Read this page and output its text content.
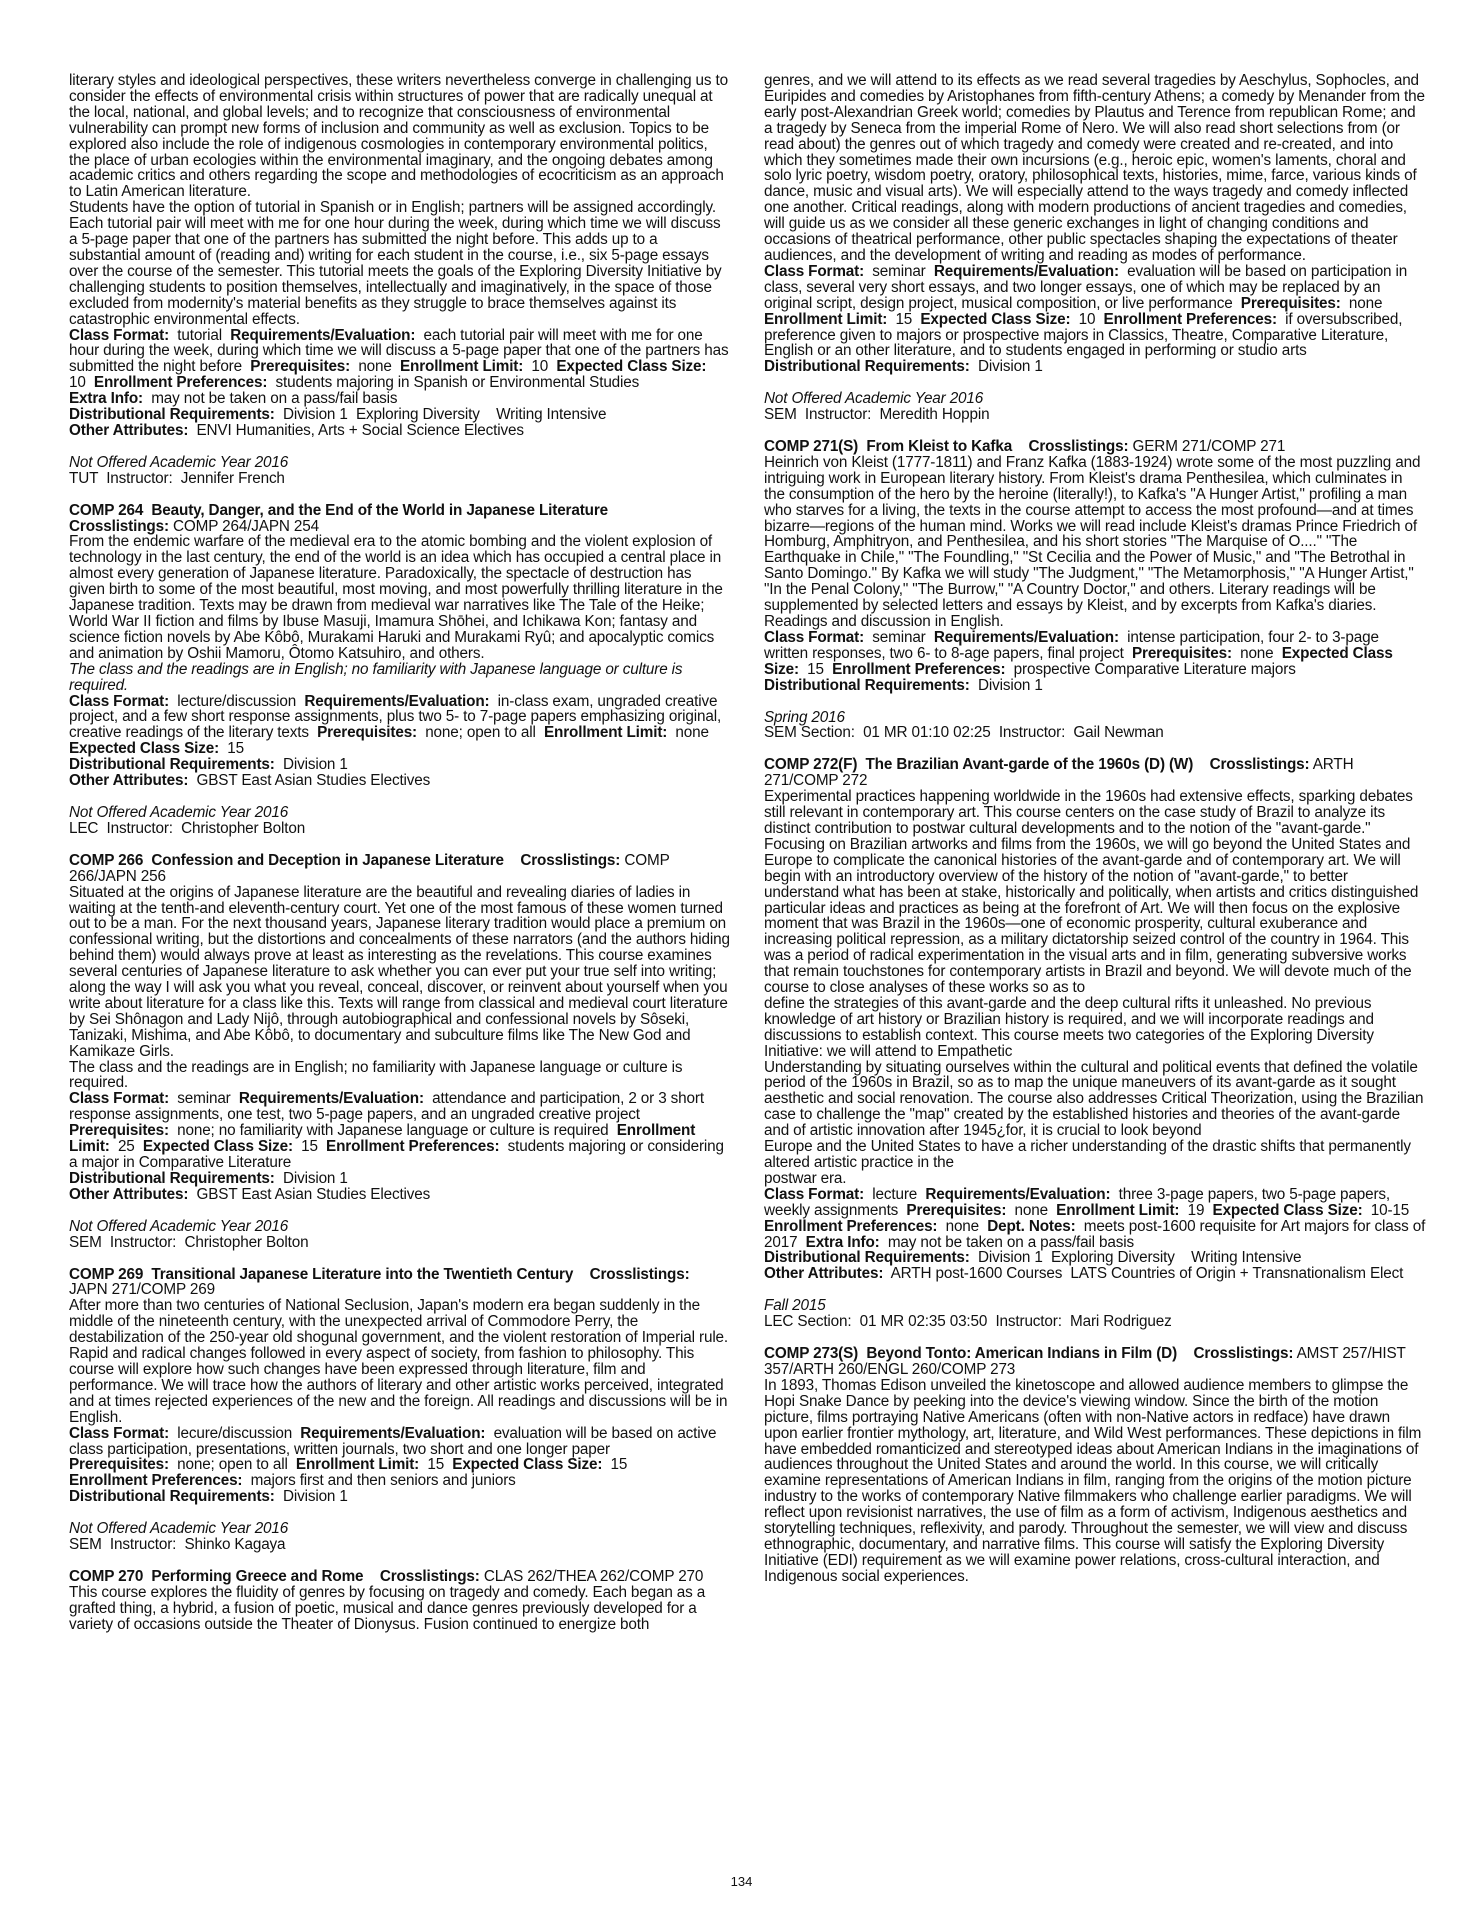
literary styles and ideological perspectives, these writers nevertheless converge in challenging us to consider the effects of environmental crisis within structures of power that are radically unequal at the local, national, and global levels; and to recognize that consciousness of environmental vulnerability can prompt new forms of inclusion and community as well as exclusion. Topics to be explored also include the role of indigenous cosmologies in contemporary environmental politics, the place of urban ecologies within the environmental imaginary, and the ongoing debates among academic critics and others regarding the scope and methodologies of ecocriticism as an approach to Latin American literature.
Students have the option of tutorial in Spanish or in English; partners will be assigned accordingly.  Each tutorial pair will meet with me for one hour during the week, during which time we will discuss a 5-page paper that one of the partners has submitted the night before. This adds up to a substantial amount of (reading and) writing for each student in the course, i.e., six 5-page essays over the course of the semester. This tutorial meets the goals of the Exploring Diversity Initiative by challenging students to position themselves, intellectually and imaginatively, in the space of those excluded from modernity's material benefits as they struggle to brace themselves against its catastrophic environmental effects.
Class Format: tutorial Requirements/Evaluation: each tutorial pair will meet with me for one hour during the week, during which time we will discuss a 5-page paper that one of the partners has submitted the night before Prerequisites: none Enrollment Limit: 10 Expected Class Size:  10 Enrollment Preferences: students majoring in Spanish or Environmental Studies
Extra Info: may not be taken on a pass/fail basis
Distributional Requirements: Division 1  Exploring Diversity    Writing Intensive
Other Attributes: ENVI Humanities, Arts + Social Science Electives
Not Offered Academic Year 2016
TUT  Instructor:  Jennifer French
COMP 264  Beauty, Danger, and the End of the World in Japanese Literature
Crosslistings: COMP 264/JAPN 254
From the endemic warfare of the medieval era to the atomic bombing and the violent explosion of technology in the last century, the end of the world is an idea which has occupied a central place in almost every generation of Japanese literature. Paradoxically, the spectacle of destruction has given birth to some of the most beautiful, most moving, and most powerfully thrilling literature in the Japanese tradition. Texts may be drawn from medieval war narratives like The Tale of the Heike; World War II fiction and films by Ibuse Masuji, Imamura Shōhei, and Ichikawa Kon; fantasy and science fiction novels by Abe Kôbô, Murakami Haruki and Murakami Ryû; and apocalyptic comics and animation by Oshii Mamoru, Ôtomo Katsuhiro, and others.
The class and the readings are in English; no familiarity with Japanese language or culture is required.
Class Format: lecture/discussion Requirements/Evaluation: in-class exam, ungraded creative project, and a few short response assignments, plus two 5- to 7-page papers emphasizing original, creative readings of the literary texts Prerequisites: none; open to all Enrollment Limit: none  Expected Class Size: 15
Distributional Requirements: Division 1
Other Attributes: GBST East Asian Studies Electives
Not Offered Academic Year 2016
LEC  Instructor:  Christopher Bolton
COMP 266  Confession and Deception in Japanese Literature Crosslistings: COMP 266/JAPN 256
Situated at the origins of Japanese literature are the beautiful and revealing diaries of ladies in waiting at the tenth-and eleventh-century court. Yet one of the most famous of these women turned out to be a man. For the next thousand years, Japanese literary tradition would place a premium on confessional writing, but the distortions and concealments of these narrators (and the authors hiding behind them) would always prove at least as interesting as the revelations. This course examines several centuries of Japanese literature to ask whether you can ever put your true self into writing; along the way I will ask you what you reveal, conceal, discover, or reinvent about yourself when you write about literature for a class like this. Texts will range from classical and medieval court literature by Sei Shônagon and Lady Nijô, through autobiographical and confessional novels by Sôseki, Tanizaki, Mishima, and Abe Kôbô, to documentary and subculture films like The New God and Kamikaze Girls.
The class and the readings are in English; no familiarity with Japanese language or culture is required.
Class Format: seminar Requirements/Evaluation: attendance and participation, 2 or 3 short response assignments, one test, two 5-page papers, and an ungraded creative project
Prerequisites: none; no familiarity with Japanese language or culture is required Enrollment Limit: 25 Expected Class Size: 15 Enrollment Preferences: students majoring or considering a major in Comparative Literature
Distributional Requirements: Division 1
Other Attributes: GBST East Asian Studies Electives
Not Offered Academic Year 2016
SEM  Instructor:  Christopher Bolton
COMP 269  Transitional Japanese Literature into the Twentieth Century Crosslistings: JAPN 271/COMP 269
After more than two centuries of National Seclusion, Japan's modern era began suddenly in the middle of the nineteenth century, with the unexpected arrival of Commodore Perry, the destabilization of the 250-year old shogunal government, and the violent restoration of Imperial rule. Rapid and radical changes followed in every aspect of society, from fashion to philosophy. This course will explore how such changes have been expressed through literature, film and performance. We will trace how the authors of literary and other artistic works perceived, integrated and at times rejected experiences of the new and the foreign. All readings and discussions will be in English.
Class Format: lecure/discussion Requirements/Evaluation: evaluation will be based on active class participation, presentations, written journals, two short and one longer paper
Prerequisites: none; open to all Enrollment Limit: 15 Expected Class Size: 15
Enrollment Preferences: majors first and then seniors and juniors
Distributional Requirements: Division 1
Not Offered Academic Year 2016
SEM  Instructor:  Shinko Kagaya
COMP 270  Performing Greece and Rome Crosslistings: CLAS 262/THEA 262/COMP 270
This course explores the fluidity of genres by focusing on tragedy and comedy. Each began as a grafted thing, a hybrid, a fusion of poetic, musical and dance genres previously developed for a variety of occasions outside the Theater of Dionysus. Fusion continued to energize both
genres, and we will attend to its effects as we read several tragedies by Aeschylus, Sophocles, and Euripides and comedies by Aristophanes from fifth-century Athens; a comedy by Menander from the early post-Alexandrian Greek world; comedies by Plautus and Terence from republican Rome; and a tragedy by Seneca from the imperial Rome of Nero. We will also read short selections from (or read about) the genres out of which tragedy and comedy were created and re-created, and into which they sometimes made their own incursions (e.g., heroic epic, women's laments, choral and solo lyric poetry, wisdom poetry, oratory, philosophical texts, histories, mime, farce, various kinds of dance, music and visual arts). We will especially attend to the ways tragedy and comedy inflected one another. Critical readings, along with modern productions of ancient tragedies and comedies, will guide us as we consider all these generic exchanges in light of changing conditions and occasions of theatrical performance, other public spectacles shaping the expectations of theater audiences, and the development of writing and reading as modes of performance.
Class Format: seminar Requirements/Evaluation: evaluation will be based on participation in class, several very short essays, and two longer essays, one of which may be replaced by an original script, design project, musical composition, or live performance Prerequisites: none
Enrollment Limit: 15 Expected Class Size: 10 Enrollment Preferences: if oversubscribed, preference given to majors or prospective majors in Classics, Theatre, Comparative Literature, English or an other literature, and to students engaged in performing or studio arts
Distributional Requirements: Division 1
Not Offered Academic Year 2016
SEM  Instructor:  Meredith Hoppin
COMP 271(S)  From Kleist to Kafka Crosslistings: GERM 271/COMP 271
Heinrich von Kleist (1777-1811) and Franz Kafka (1883-1924) wrote some of the most puzzling and intriguing work in European literary history. From Kleist's drama Penthesilea, which culminates in the consumption of the hero by the heroine (literally!), to Kafka's "A Hunger Artist," profiling a man who starves for a living, the texts in the course attempt to access the most profound—and at times bizarre—regions of the human mind. Works we will read include Kleist's dramas Prince Friedrich of Homburg, Amphitryon, and Penthesilea, and his short stories "The Marquise of O...." "The Earthquake in Chile," "The Foundling," "St Cecilia and the Power of Music," and "The Betrothal in Santo Domingo." By Kafka we will study "The Judgment," "The Metamorphosis," "A Hunger Artist," "In the Penal Colony," "The Burrow," "A Country Doctor," and others. Literary readings will be supplemented by selected letters and essays by Kleist, and by excerpts from Kafka's diaries. Readings and discussion in English.
Class Format: seminar Requirements/Evaluation: intense participation, four 2- to 3-page written responses, two 6- to 8-age papers, final project Prerequisites: none Expected Class Size: 15 Enrollment Preferences: prospective Comparative Literature majors
Distributional Requirements: Division 1
Spring 2016
SEM Section:  01 MR 01:10 02:25  Instructor:  Gail Newman
COMP 272(F)  The Brazilian Avant-garde of the 1960s (D) (W) Crosslistings: ARTH 271/COMP 272
Experimental practices happening worldwide in the 1960s had extensive effects, sparking debates still relevant in contemporary art. This course centers on the case study of Brazil to analyze its distinct contribution to postwar cultural developments and to the notion of the "avant-garde." Focusing on Brazilian artworks and films from the 1960s, we will go beyond the United States and Europe to complicate the canonical histories of the avant-garde and of contemporary art. We will begin with an introductory overview of the history of the notion of "avant-garde," to better understand what has been at stake, historically and politically, when artists and critics distinguished particular ideas and practices as being at the forefront of Art. We will then focus on the explosive moment that was Brazil in the 1960s—one of economic prosperity, cultural exuberance and increasing political repression, as a military dictatorship seized control of the country in 1964. This was a period of radical experimentation in the visual arts and in film, generating subversive works that remain touchstones for contemporary artists in Brazil and beyond. We will devote much of the course to close analyses of these works so as to
define the strategies of this avant-garde and the deep cultural rifts it unleashed. No previous knowledge of art history or Brazilian history is required, and we will incorporate readings and discussions to establish context. This course meets two categories of the Exploring Diversity Initiative: we will attend to Empathetic
Understanding by situating ourselves within the cultural and political events that defined the volatile period of the 1960s in Brazil, so as to map the unique maneuvers of its avant-garde as it sought aesthetic and social renovation. The course also addresses Critical Theorization, using the Brazilian case to challenge the "map" created by the established histories and theories of the avant-garde and of artistic innovation after 1945¿for, it is crucial to look beyond
Europe and the United States to have a richer understanding of the drastic shifts that permanently altered artistic practice in the
postwar era.
Class Format: lecture Requirements/Evaluation: three 3-page papers, two 5-page papers, weekly assignments Prerequisites: none Enrollment Limit: 19 Expected Class Size: 10-15  Enrollment Preferences: none Dept. Notes: meets post-1600 requisite for Art majors for class of 2017 Extra Info: may not be taken on a pass/fail basis
Distributional Requirements: Division 1  Exploring Diversity    Writing Intensive
Other Attributes: ARTH post-1600 Courses  LATS Countries of Origin + Transnationalism Elect
Fall 2015
LEC Section:  01 MR 02:35 03:50  Instructor:  Mari Rodriguez
COMP 273(S)  Beyond Tonto: American Indians in Film (D) Crosslistings: AMST 257/HIST 357/ARTH 260/ENGL 260/COMP 273
In 1893, Thomas Edison unveiled the kinetoscope and allowed audience members to glimpse the Hopi Snake Dance by peeking into the device's viewing window. Since the birth of the motion picture, films portraying Native Americans (often with non-Native actors in redface) have drawn upon earlier frontier mythology, art, literature, and Wild West performances. These depictions in film have embedded romanticized and stereotyped ideas about American Indians in the imaginations of audiences throughout the United States and around the world. In this course, we will critically examine representations of American Indians in film, ranging from the origins of the motion picture industry to the works of contemporary Native filmmakers who challenge earlier paradigms. We will reflect upon revisionist narratives, the use of film as a form of activism, Indigenous aesthetics and storytelling techniques, reflexivity, and parody. Throughout the semester, we will view and discuss ethnographic, documentary, and narrative films. This course will satisfy the Exploring Diversity Initiative (EDI) requirement as we will examine power relations, cross-cultural interaction, and Indigenous social experiences.
134
